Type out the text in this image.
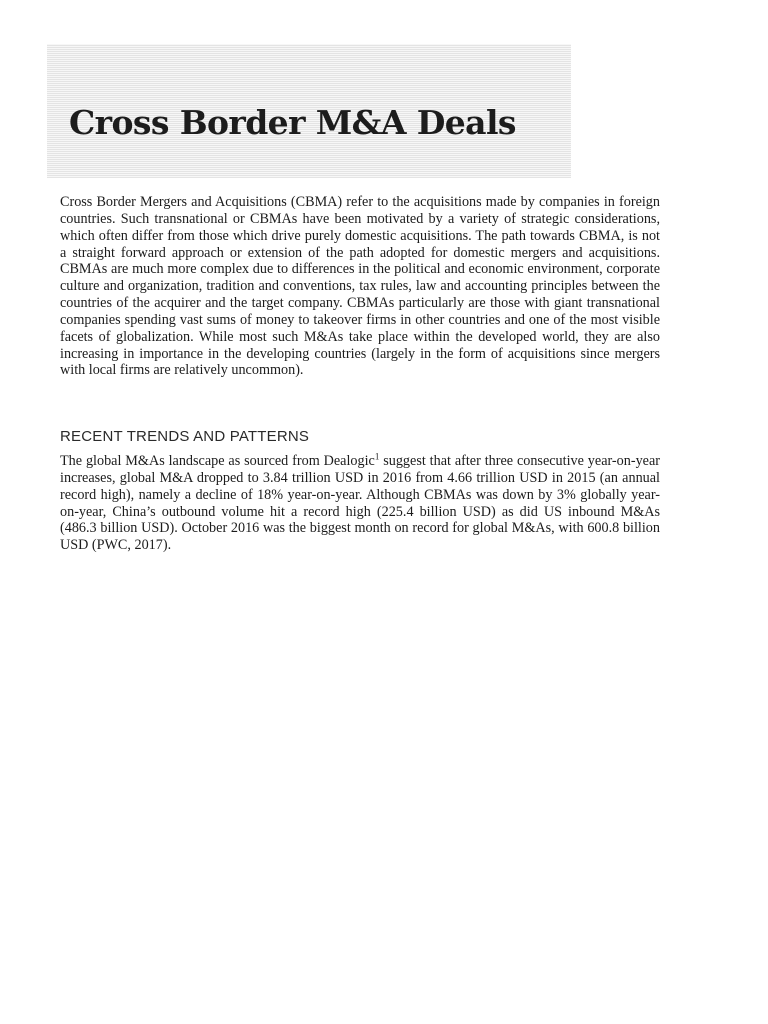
Cross Border M&A Deals

Cross Border Mergers and Acquisitions (CBMA) refer to the acquisitions made by companies in foreign countries. Such transnational or CBMAs have been motivated by a variety of strategic considerations, which often differ from those which drive purely domestic acquisitions. The path towards CBMA, is not a straight forward approach or extension of the path adopted for domestic mergers and acquisitions. CBMAs are much more complex due to differences in the political and economic environment, corporate culture and organization, tradition and conventions, tax rules, law and accounting principles between the countries of the acquirer and the target company. CBMAs particularly are those with giant transnational companies spending vast sums of money to takeover firms in other countries and one of the most visible facets of globalization. While most such M&As take place within the developed world, they are also increasing in importance in the developing countries (largely in the form of acquisitions since mergers with local firms are relatively uncommon).

RECENT TRENDS AND PATTERNS

The global M&As landscape as sourced from Dealogic$^1$ suggest that after three consecutive year-on-year increases, global M&A dropped to 3.84 trillion USD in 2016 from 4.66 trillion USD in 2015 (an annual record high), namely a decline of 18% year-on-year. Although CBMAs was down by 3% globally year-on-year, China’s outbound volume hit a record high (225.4 billion USD) as did US inbound M&As (486.3 billion USD). October 2016 was the biggest month on record for global M&As, with 600.8 billion USD (PWC, 2017).
